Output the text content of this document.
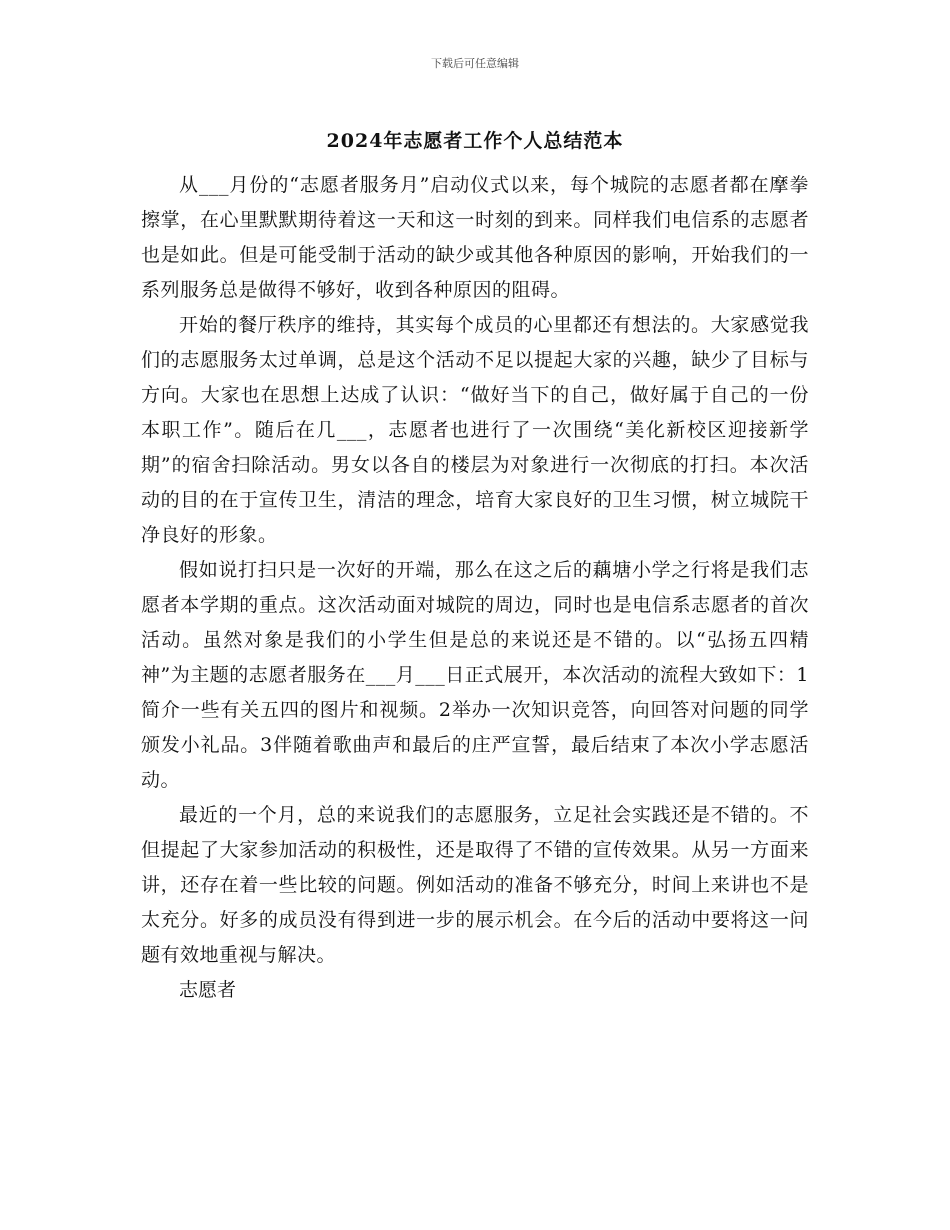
下载后可任意编辑
2024年志愿者工作个人总结范本

从___月份的“志愿者服务月”启动仪式以来，每个城院的志愿者都在摩拳擦掌，在心里默默期待着这一天和这一时刻的到来。同样我们电信系的志愿者也是如此。但是可能受制于活动的缺少或其他各种原因的影响，开始我们的一系列服务总是做得不够好，收到各种原因的阻碍。

开始的餐厅秩序的维持，其实每个成员的心里都还有想法的。大家感觉我们的志愿服务太过单调，总是这个活动不足以提起大家的兴趣，缺少了目标与方向。大家也在思想上达成了认识：“做好当下的自己，做好属于自己的一份本职工作”。随后在几___，志愿者也进行了一次围绕“美化新校区迎接新学期”的宿舍扫除活动。男女以各自的楼层为对象进行一次彻底的打扫。本次活动的目的在于宣传卫生，清洁的理念，培育大家良好的卫生习惯，树立城院干净良好的形象。

假如说打扫只是一次好的开端，那么在这之后的藕塘小学之行将是我们志愿者本学期的重点。这次活动面对城院的周边，同时也是电信系志愿者的首次活动。虽然对象是我们的小学生但是总的来说还是不错的。以“弘扬五四精神”为主题的志愿者服务在___月___日正式展开，本次活动的流程大致如下：1简介一些有关五四的图片和视频。2举办一次知识竞答，向回答对问题的同学颁发小礼品。3伴随着歌曲声和最后的庄严宣誓，最后结束了本次小学志愿活动。

最近的一个月，总的来说我们的志愿服务，立足社会实践还是不错的。不但提起了大家参加活动的积极性，还是取得了不错的宣传效果。从另一方面来讲，还存在着一些比较的问题。例如活动的准备不够充分，时间上来讲也不是太充分。好多的成员没有得到进一步的展示机会。在今后的活动中要将这一问题有效地重视与解决。

志愿者
